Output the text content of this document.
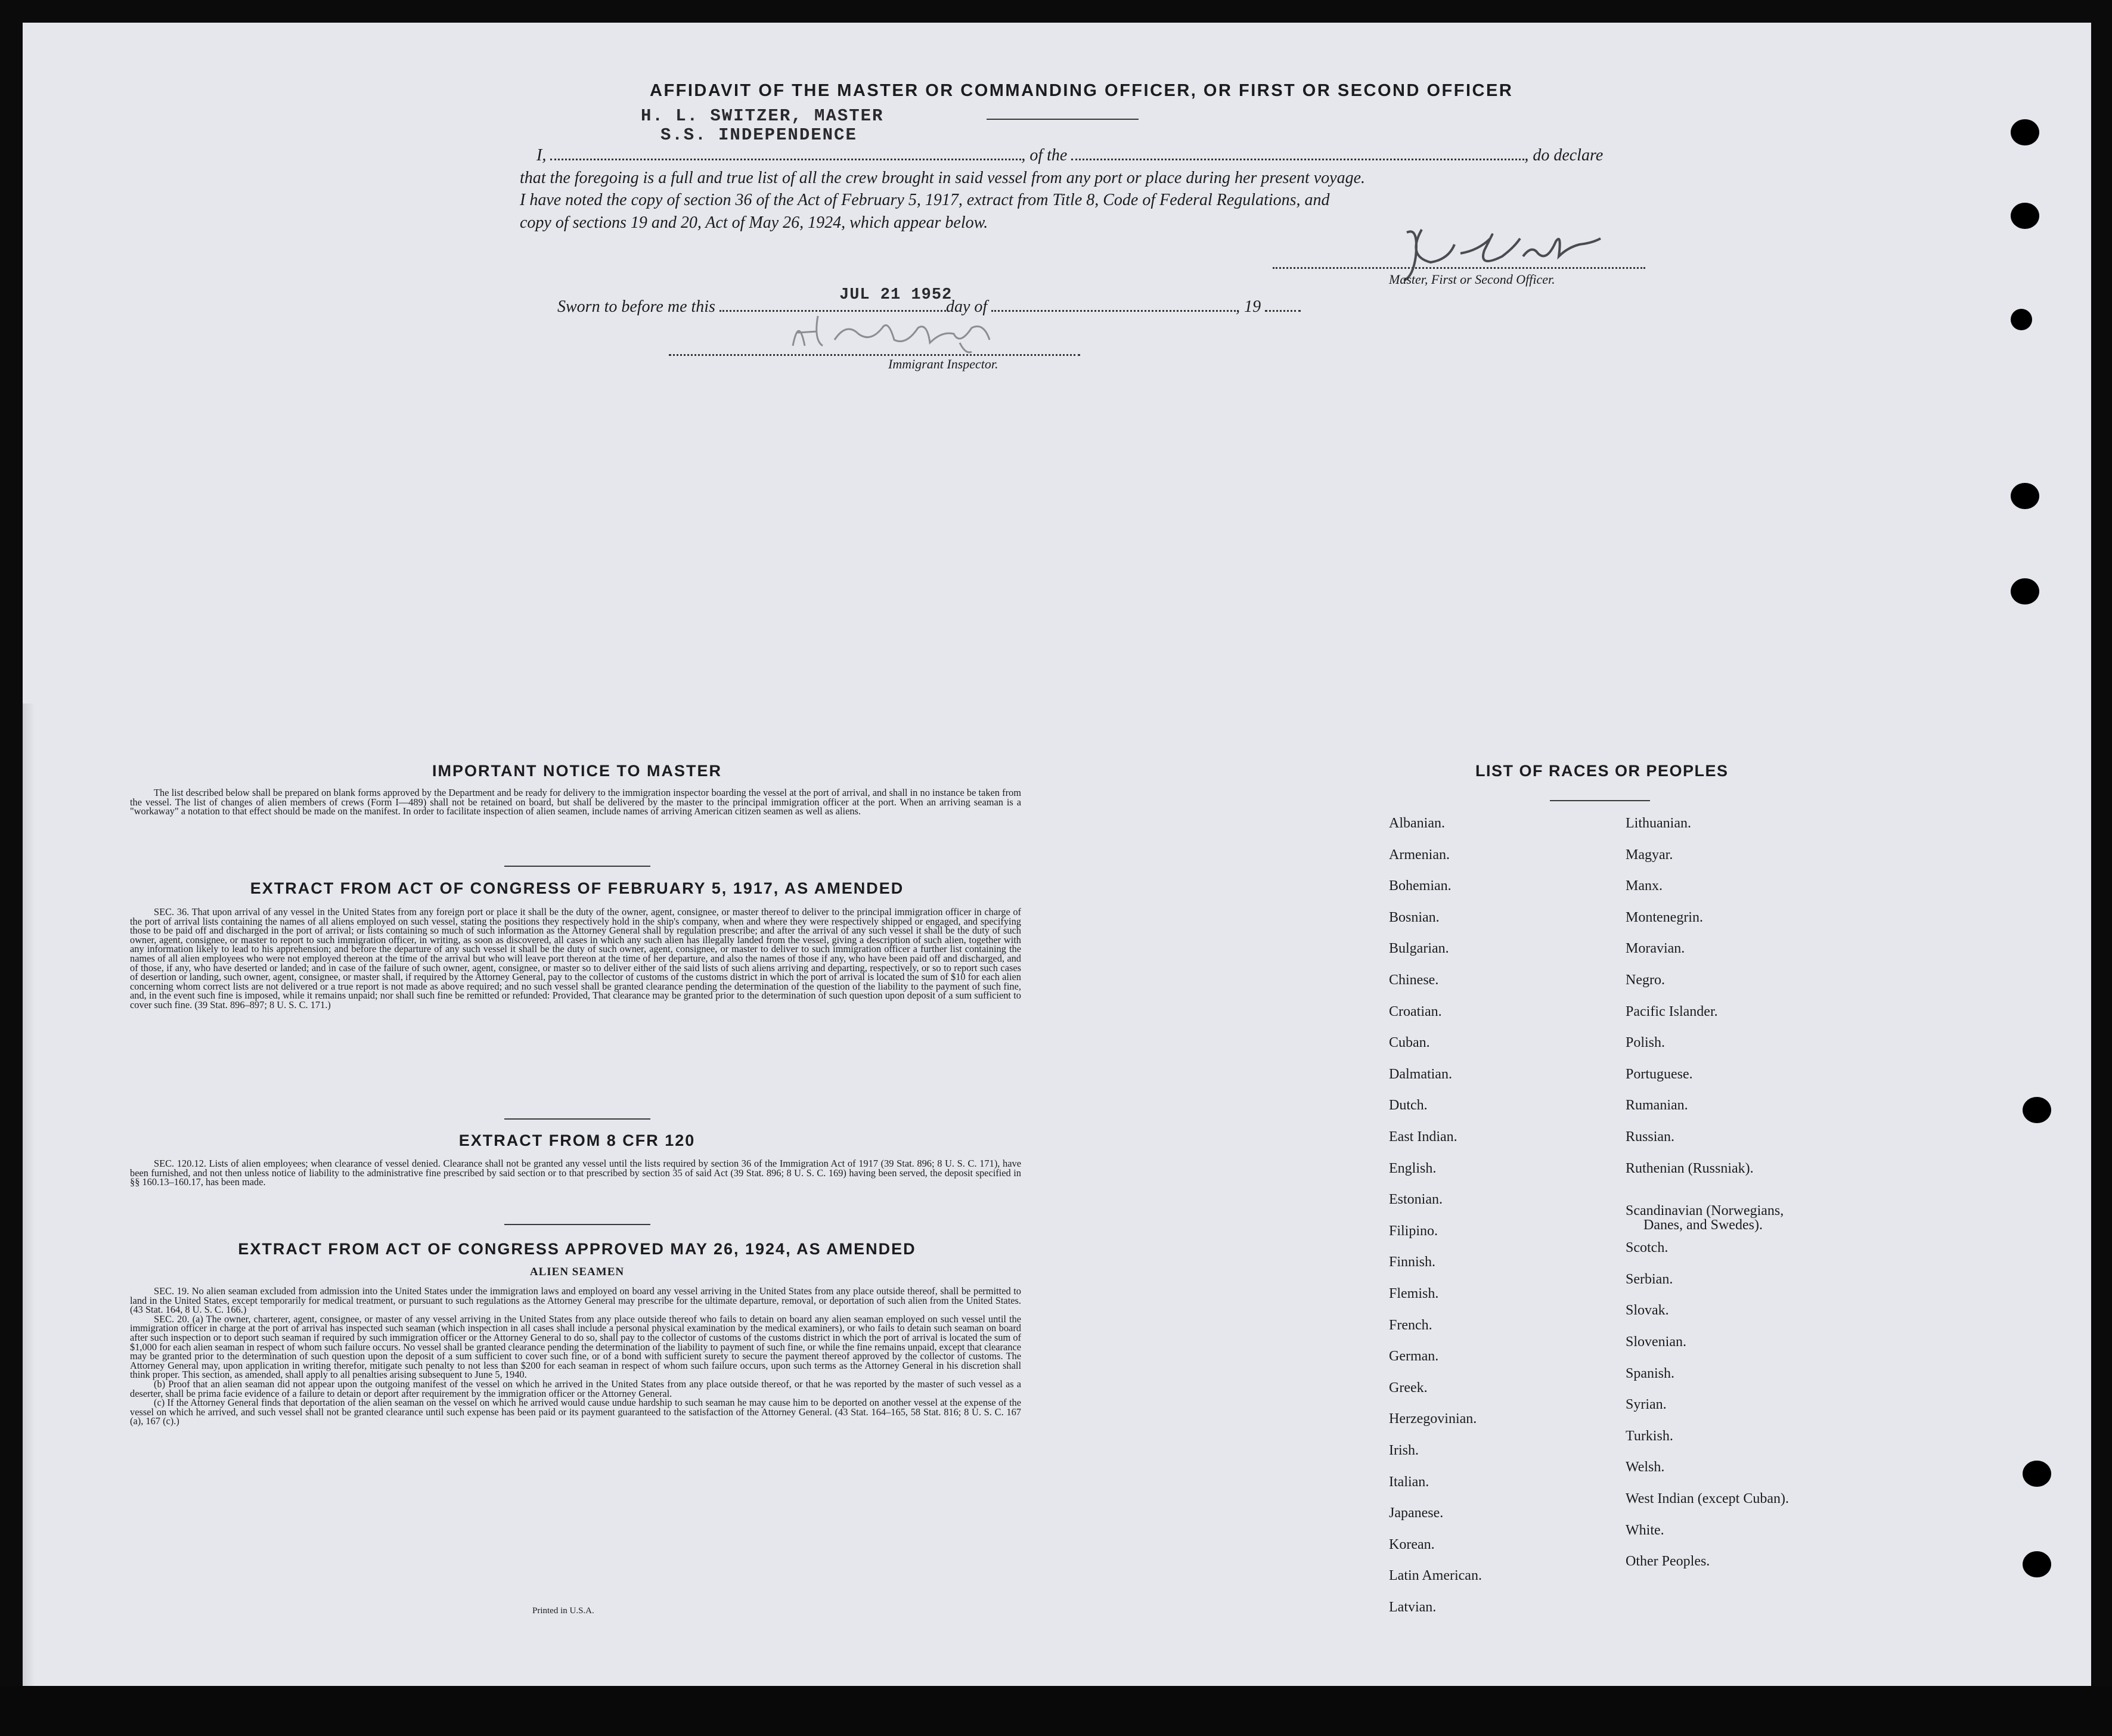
AFFIDAVIT OF THE MASTER OR COMMANDING OFFICER, OR FIRST OR SECOND OFFICER
H. L. SWITZER, MASTER
S.S. INDEPENDENCE
I,	, of the	, do declare
that the foregoing is a full and true list of all the crew brought in said vessel from any port or place during her present voyage.
I have noted the copy of section 36 of the Act of February 5, 1917, extract from Title 8, Code of Federal Regulations, and
copy of sections 19 and 20, Act of May 26, 1924, which appear below.
Master, First or Second Officer.
Sworn to before me this	day of	, 19
JUL 21 1952
Immigrant Inspector.
IMPORTANT NOTICE TO MASTER

The list described below shall be prepared on blank forms approved by the Department and be ready for delivery to the immigration inspector boarding the vessel at the port of arrival, and shall in no instance be taken from the vessel. The list of changes of alien members of crews (Form I—489) shall not be retained on board, but shall be delivered by the master to the principal immigration officer at the port. When an arriving seaman is a "workaway" a notation to that effect should be made on the manifest. In order to facilitate inspection of alien seamen, include names of arriving American citizen seamen as well as aliens.

EXTRACT FROM ACT OF CONGRESS OF FEBRUARY 5, 1917, AS AMENDED

SEC. 36. That upon arrival of any vessel in the United States from any foreign port or place it shall be the duty of the owner, agent, consignee, or master thereof to deliver to the principal immigration officer in charge of the port of arrival lists containing the names of all aliens employed on such vessel, stating the positions they respectively hold in the ship's company, when and where they were respectively shipped or engaged, and specifying those to be paid off and discharged in the port of arrival; or lists containing so much of such information as the Attorney General shall by regulation prescribe; and after the arrival of any such vessel it shall be the duty of such owner, agent, consignee, or master to report to such immigration officer, in writing, as soon as discovered, all cases in which any such alien has illegally landed from the vessel, giving a description of such alien, together with any information likely to lead to his apprehension; and before the departure of any such vessel it shall be the duty of such owner, agent, consignee, or master to deliver to such immigration officer a further list containing the names of all alien employees who were not employed thereon at the time of the arrival but who will leave port thereon at the time of her departure, and also the names of those if any, who have been paid off and discharged, and of those, if any, who have deserted or landed; and in case of the failure of such owner, agent, consignee, or master so to deliver either of the said lists of such aliens arriving and departing, respectively, or so to report such cases of desertion or landing, such owner, agent, consignee, or master shall, if required by the Attorney General, pay to the collector of customs of the customs district in which the port of arrival is located the sum of $10 for each alien concerning whom correct lists are not delivered or a true report is not made as above required; and no such vessel shall be granted clearance pending the determination of the question of the liability to the payment of such fine, and, in the event such fine is imposed, while it remains unpaid; nor shall such fine be remitted or refunded: Provided, That clearance may be granted prior to the determination of such question upon deposit of a sum sufficient to cover such fine. (39 Stat. 896–897; 8 U. S. C. 171.)

EXTRACT FROM 8 CFR 120

SEC. 120.12. Lists of alien employees; when clearance of vessel denied. Clearance shall not be granted any vessel until the lists required by section 36 of the Immigration Act of 1917 (39 Stat. 896; 8 U. S. C. 171), have been furnished, and not then unless notice of liability to the administrative fine prescribed by said section or to that prescribed by section 35 of said Act (39 Stat. 896; 8 U. S. C. 169) having been served, the deposit specified in §§ 160.13–160.17, has been made.

EXTRACT FROM ACT OF CONGRESS APPROVED MAY 26, 1924, AS AMENDED
ALIEN SEAMEN

SEC. 19. No alien seaman excluded from admission into the United States under the immigration laws and employed on board any vessel arriving in the United States from any place outside thereof, shall be permitted to land in the United States, except temporarily for medical treatment, or pursuant to such regulations as the Attorney General may prescribe for the ultimate departure, removal, or deportation of such alien from the United States. (43 Stat. 164, 8 U. S. C. 166.)

SEC. 20. (a) The owner, charterer, agent, consignee, or master of any vessel arriving in the United States from any place outside thereof who fails to detain on board any alien seaman employed on such vessel until the immigration officer in charge at the port of arrival has inspected such seaman (which inspection in all cases shall include a personal physical examination by the medical examiners), or who fails to detain such seaman on board after such inspection or to deport such seaman if required by such immigration officer or the Attorney General to do so, shall pay to the collector of customs of the customs district in which the port of arrival is located the sum of $1,000 for each alien seaman in respect of whom such failure occurs. No vessel shall be granted clearance pending the determination of the liability to payment of such fine, or while the fine remains unpaid, except that clearance may be granted prior to the determination of such question upon the deposit of a sum sufficient to cover such fine, or of a bond with sufficient surety to secure the payment thereof approved by the collector of customs. The Attorney General may, upon application in writing therefor, mitigate such penalty to not less than $200 for each seaman in respect of whom such failure occurs, upon such terms as the Attorney General in his discretion shall think proper. This section, as amended, shall apply to all penalties arising subsequent to June 5, 1940.

(b) Proof that an alien seaman did not appear upon the outgoing manifest of the vessel on which he arrived in the United States from any place outside thereof, or that he was reported by the master of such vessel as a deserter, shall be prima facie evidence of a failure to detain or deport after requirement by the immigration officer or the Attorney General.

(c) If the Attorney General finds that deportation of the alien seaman on the vessel on which he arrived would cause undue hardship to such seaman he may cause him to be deported on another vessel at the expense of the vessel on which he arrived, and such vessel shall not be granted clearance until such expense has been paid or its payment guaranteed to the satisfaction of the Attorney General. (43 Stat. 164–165, 58 Stat. 816; 8 U. S. C. 167 (a), 167 (c).)

Printed in U.S.A.
LIST OF RACES OR PEOPLES
Albanian.
Armenian.
Bohemian.
Bosnian.
Bulgarian.
Chinese.
Croatian.
Cuban.
Dalmatian.
Dutch.
East Indian.
English.
Estonian.
Filipino.
Finnish.
Flemish.
French.
German.
Greek.
Herzegovinian.
Irish.
Italian.
Japanese.
Korean.
Latin American.
Latvian.
Lithuanian.
Magyar.
Manx.
Montenegrin.
Moravian.
Negro.
Pacific Islander.
Polish.
Portuguese.
Rumanian.
Russian.
Ruthenian (Russniak).
Scandinavian (Norwegians,
Danes, and Swedes).
Scotch.
Serbian.
Slovak.
Slovenian.
Spanish.
Syrian.
Turkish.
Welsh.
West Indian (except Cuban).
White.
Other Peoples.
